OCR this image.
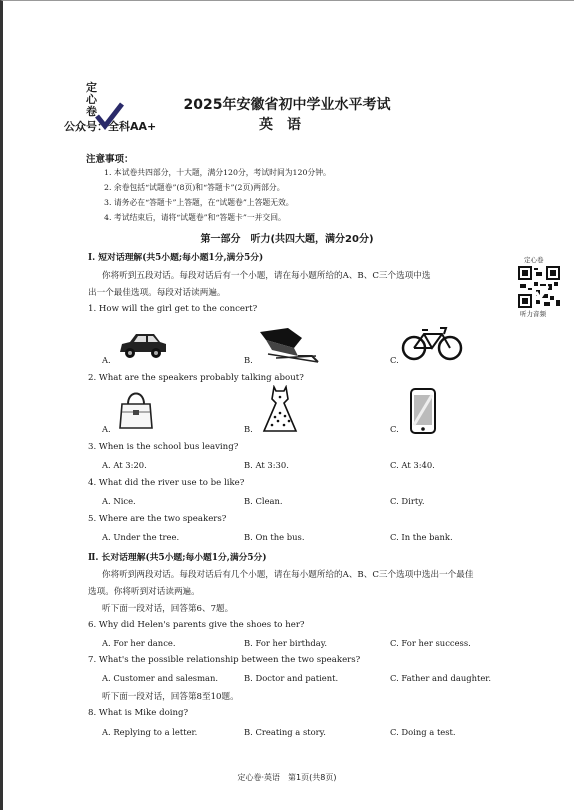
定心卷
公众号：全科AA+
2025年安徽省初中学业水平考试
英语
注意事项：
1. 本试卷共四部分，十大题，满分120分，考试时间为120分钟。
2. 余卷包括“试题卷”(8页)和“答题卡”(2页)两部分。
3. 请务必在“答题卡”上答题，在“试题卷”上答题无效。
4. 考试结束后，请将“试题卷”和“答题卡”一并交回。
第一部分　听力(共四大题，满分20分)
定心卷
听力音频
Ⅰ. 短对话理解(共5小题;每小题1分,满分5分)
你将听到五段对话。每段对话后有一个小题，请在每小题所给的A、B、C三个选项中选
出一个最佳选项。每段对话读两遍。
1. How will the girl get to the concert?
A.	B.	C.
2. What are the speakers probably talking about?
A.	B.	C.
3. When is the school bus leaving?
A. At 3:20.	B. At 3:30.	C. At 3:40.
4. What did the river use to be like?
A. Nice.	B. Clean.	C. Dirty.
5. Where are the two speakers?
A. Under the tree.	B. On the bus.	C. In the bank.
Ⅱ. 长对话理解(共5小题;每小题1分,满分5分)
你将听到两段对话。每段对话后有几个小题，请在每小题所给的A、B、C三个选项中选出一个最佳
选项。你将听到对话读两遍。
听下面一段对话，回答第6、7题。
6. Why did Helen's parents give the shoes to her?
A. For her dance.	B. For her birthday.	C. For her success.
7. What's the possible relationship between the two speakers?
A. Customer and salesman.	B. Doctor and patient.	C. Father and daughter.
听下面一段对话，回答第8至10题。
8. What is Mike doing?
A. Replying to a letter.	B. Creating a story.	C. Doing a test.
定心卷·英语　第1页(共8页)
